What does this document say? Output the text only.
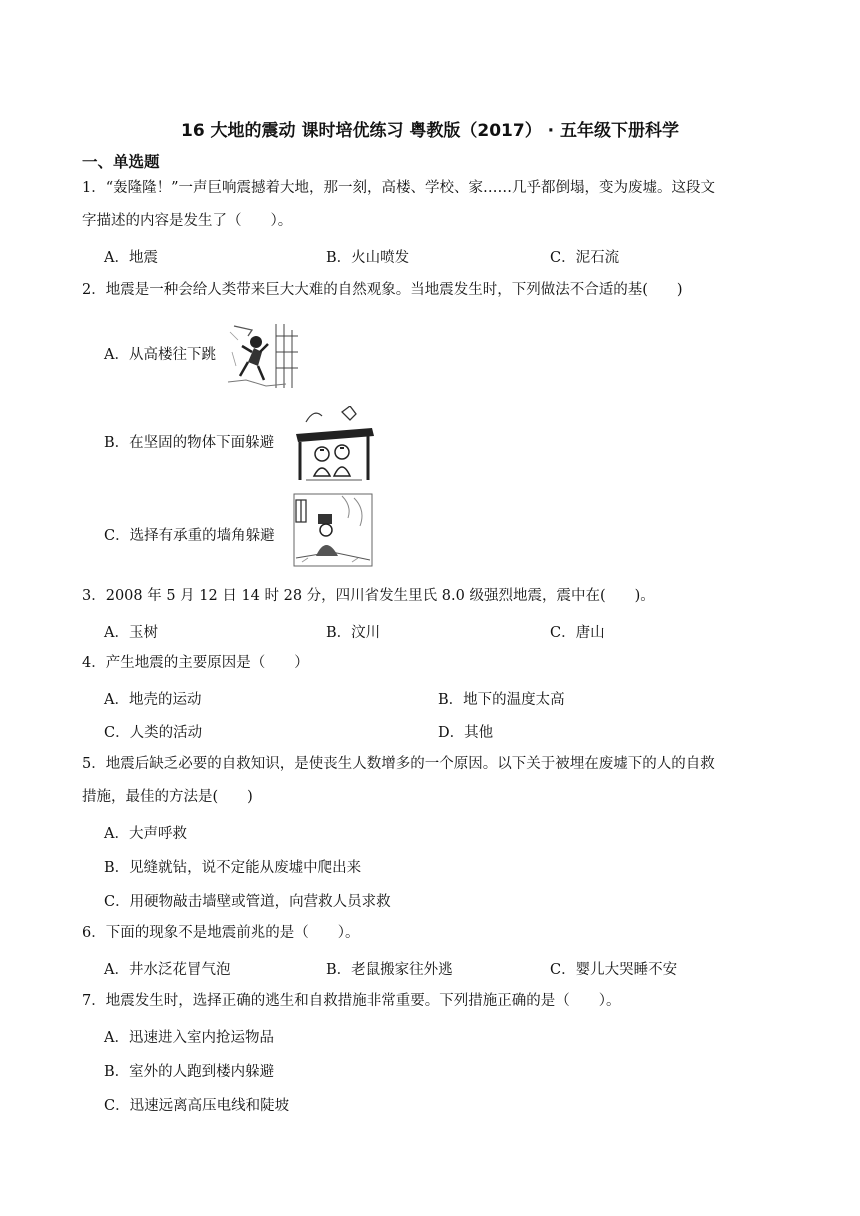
16 大地的震动 课时培优练习 粤教版（2017） · 五年级下册科学
一、单选题
1．“轰隆隆！”一声巨响震撼着大地，那一刻，高楼、学校、家……几乎都倒塌，变为废墟。这段文
字描述的内容是发生了（　　）。
A．地震	B．火山喷发	C．泥石流
2．地震是一种会给人类带来巨大大难的自然观象。当地震发生时，下列做法不合适的基(　　)
A．从高楼往下跳
B．在坚固的物体下面躲避
C．选择有承重的墙角躲避
3．2008 年 5 月 12 日 14 时 28 分，四川省发生里氏 8.0 级强烈地震，震中在(　　)。
A．玉树	B．汶川	C．唐山
4．产生地震的主要原因是（　　）
A．地壳的运动	B．地下的温度太高
C．人类的活动	D．其他
5．地震后缺乏必要的自救知识，是使丧生人数增多的一个原因。以下关于被埋在废墟下的人的自救
措施，最佳的方法是(　　)
A．大声呼救
B．见缝就钻，说不定能从废墟中爬出来
C．用硬物敲击墙壁或管道，向营救人员求救
6．下面的现象不是地震前兆的是（　　）。
A．井水泛花冒气泡	B．老鼠搬家往外逃	C．婴儿大哭睡不安
7．地震发生时，选择正确的逃生和自救措施非常重要。下列措施正确的是（　　）。
A．迅速进入室内抢运物品
B．室外的人跑到楼内躲避
C．迅速远离高压电线和陡坡
